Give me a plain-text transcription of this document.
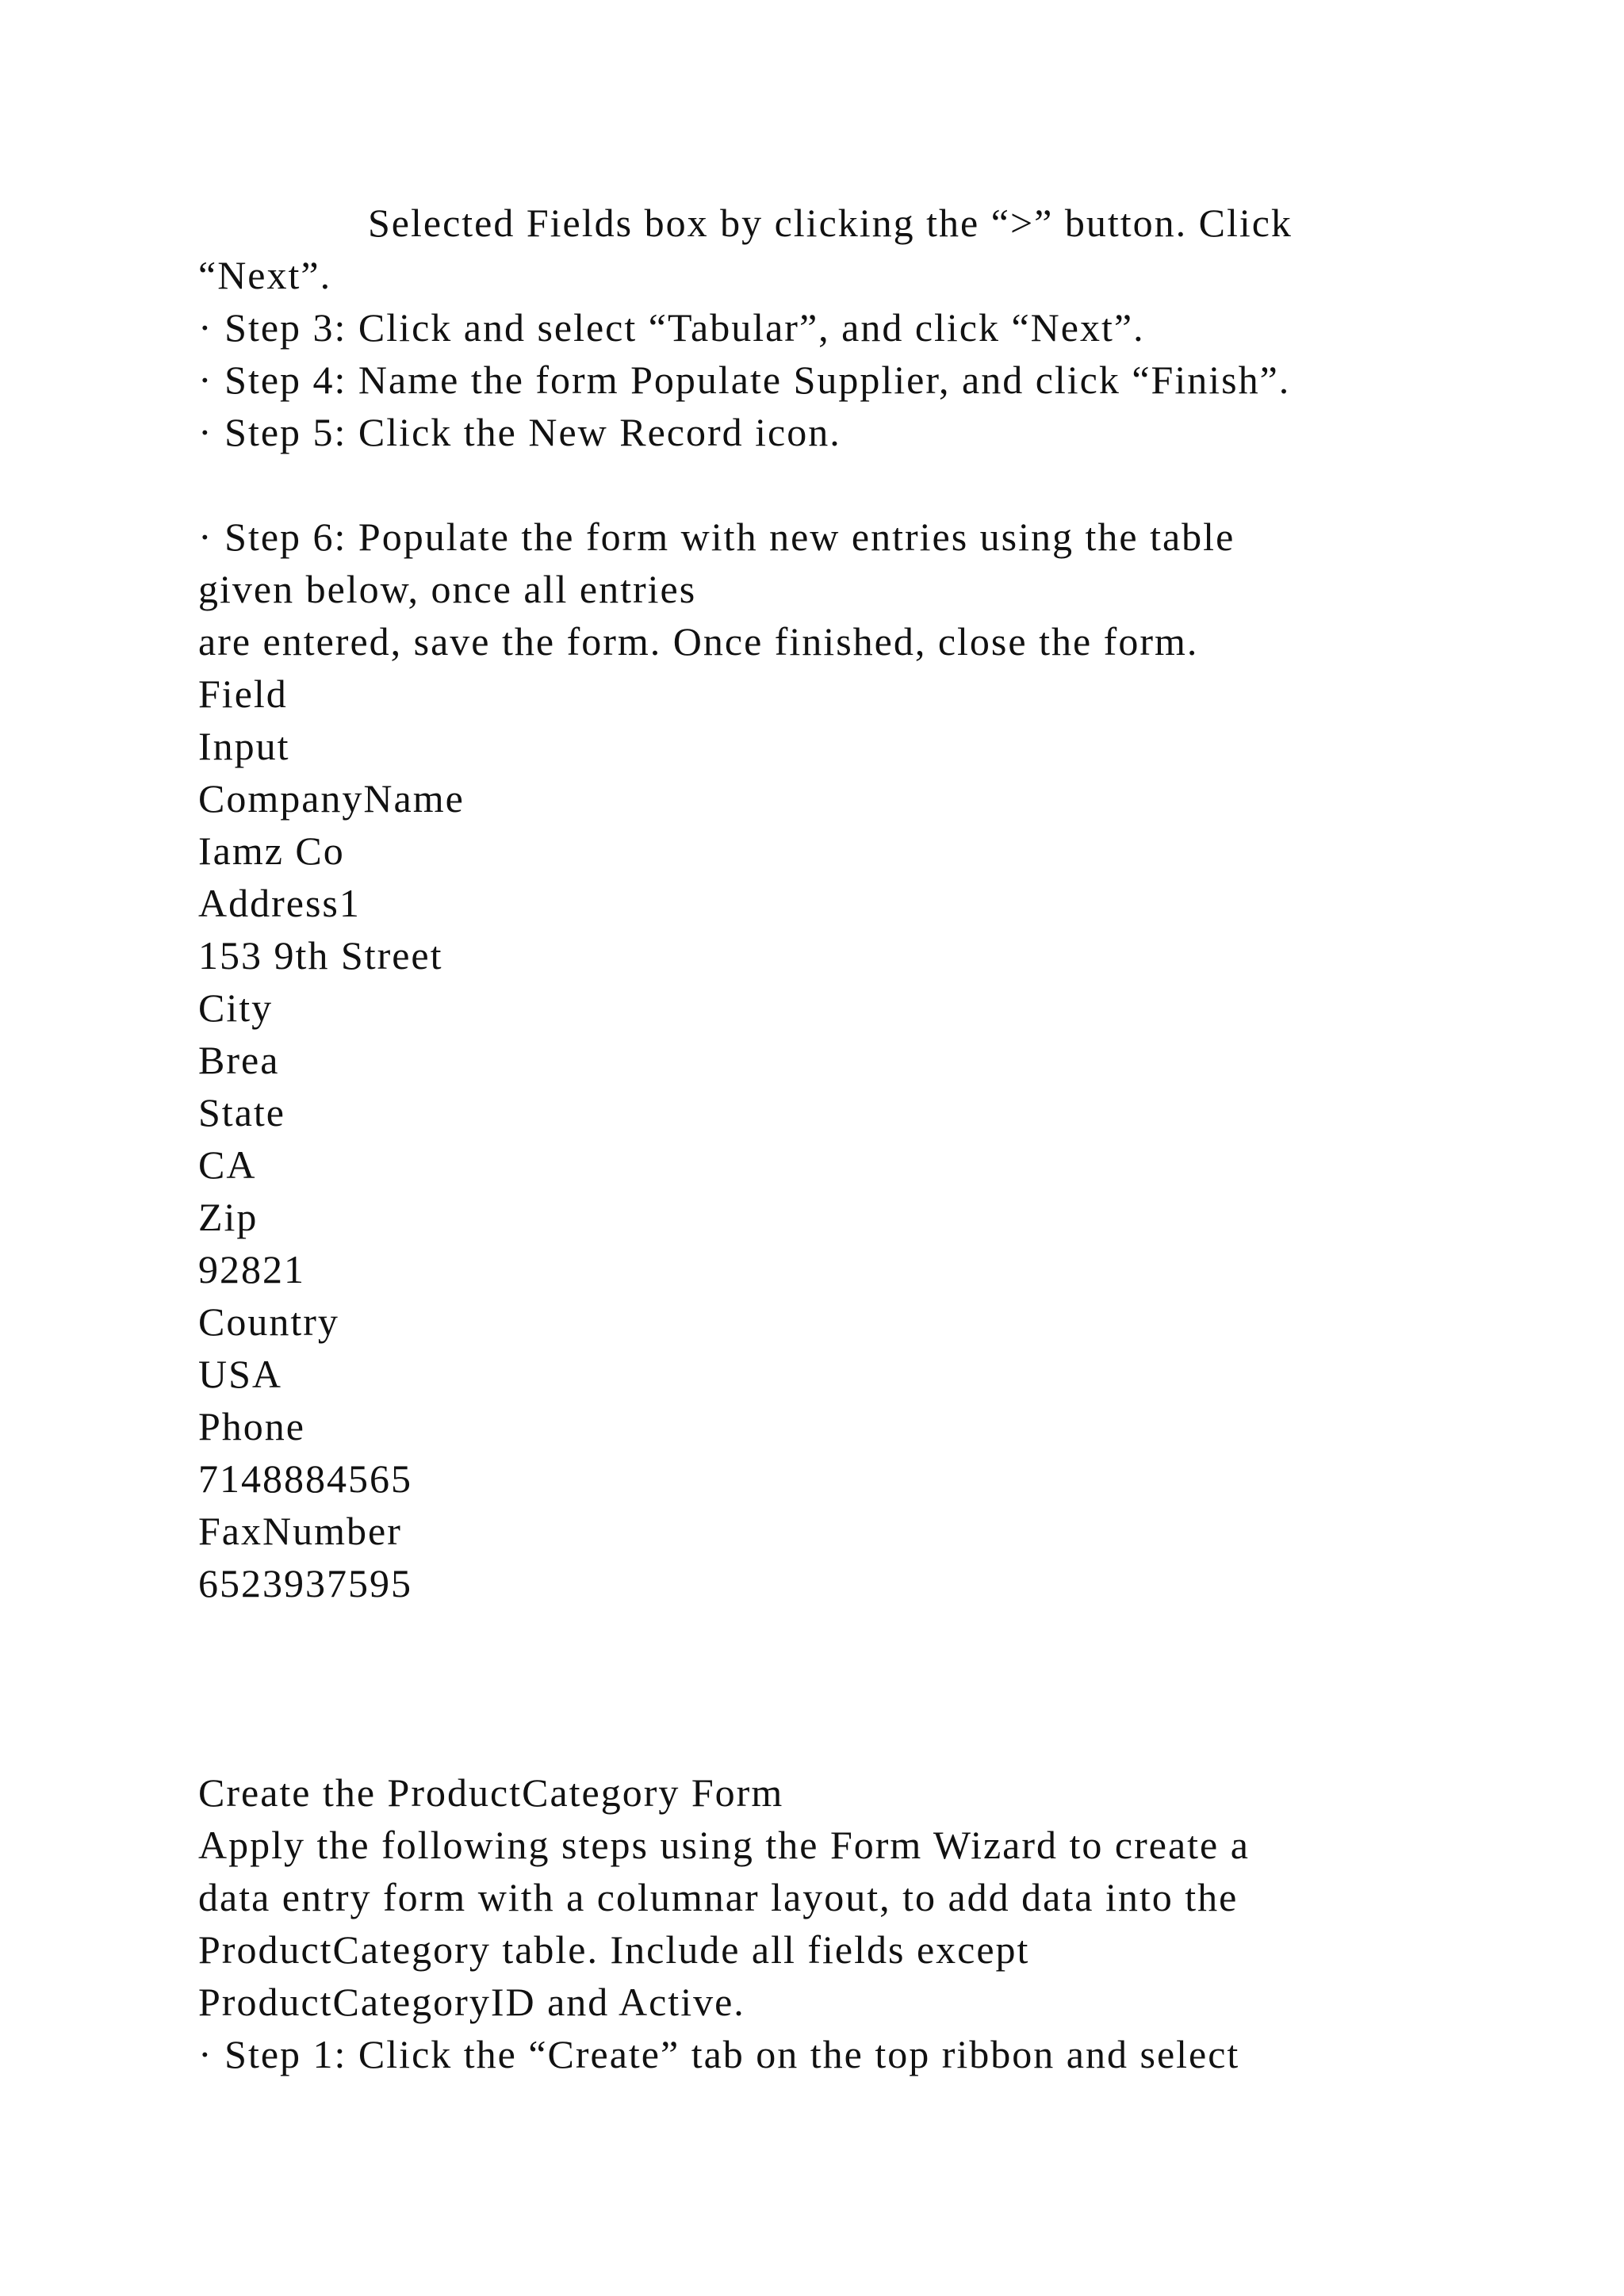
Selected Fields box by clicking the “>” button. Click
“Next”.
· Step 3: Click and select “Tabular”, and click “Next”.
· Step 4: Name the form Populate Supplier, and click “Finish”.
· Step 5: Click the New Record icon.
· Step 6: Populate the form with new entries using the table
given below, once all entries
are entered, save the form. Once finished, close the form.
Field
Input
CompanyName
Iamz Co
Address1
153 9th Street
City
Brea
State
CA
Zip
92821
Country
USA
Phone
7148884565
FaxNumber
6523937595
Create the ProductCategory Form
Apply the following steps using the Form Wizard to create a
data entry form with a columnar layout, to add data into the
ProductCategory table. Include all fields except
ProductCategoryID and Active.
· Step 1: Click the “Create” tab on the top ribbon and select
